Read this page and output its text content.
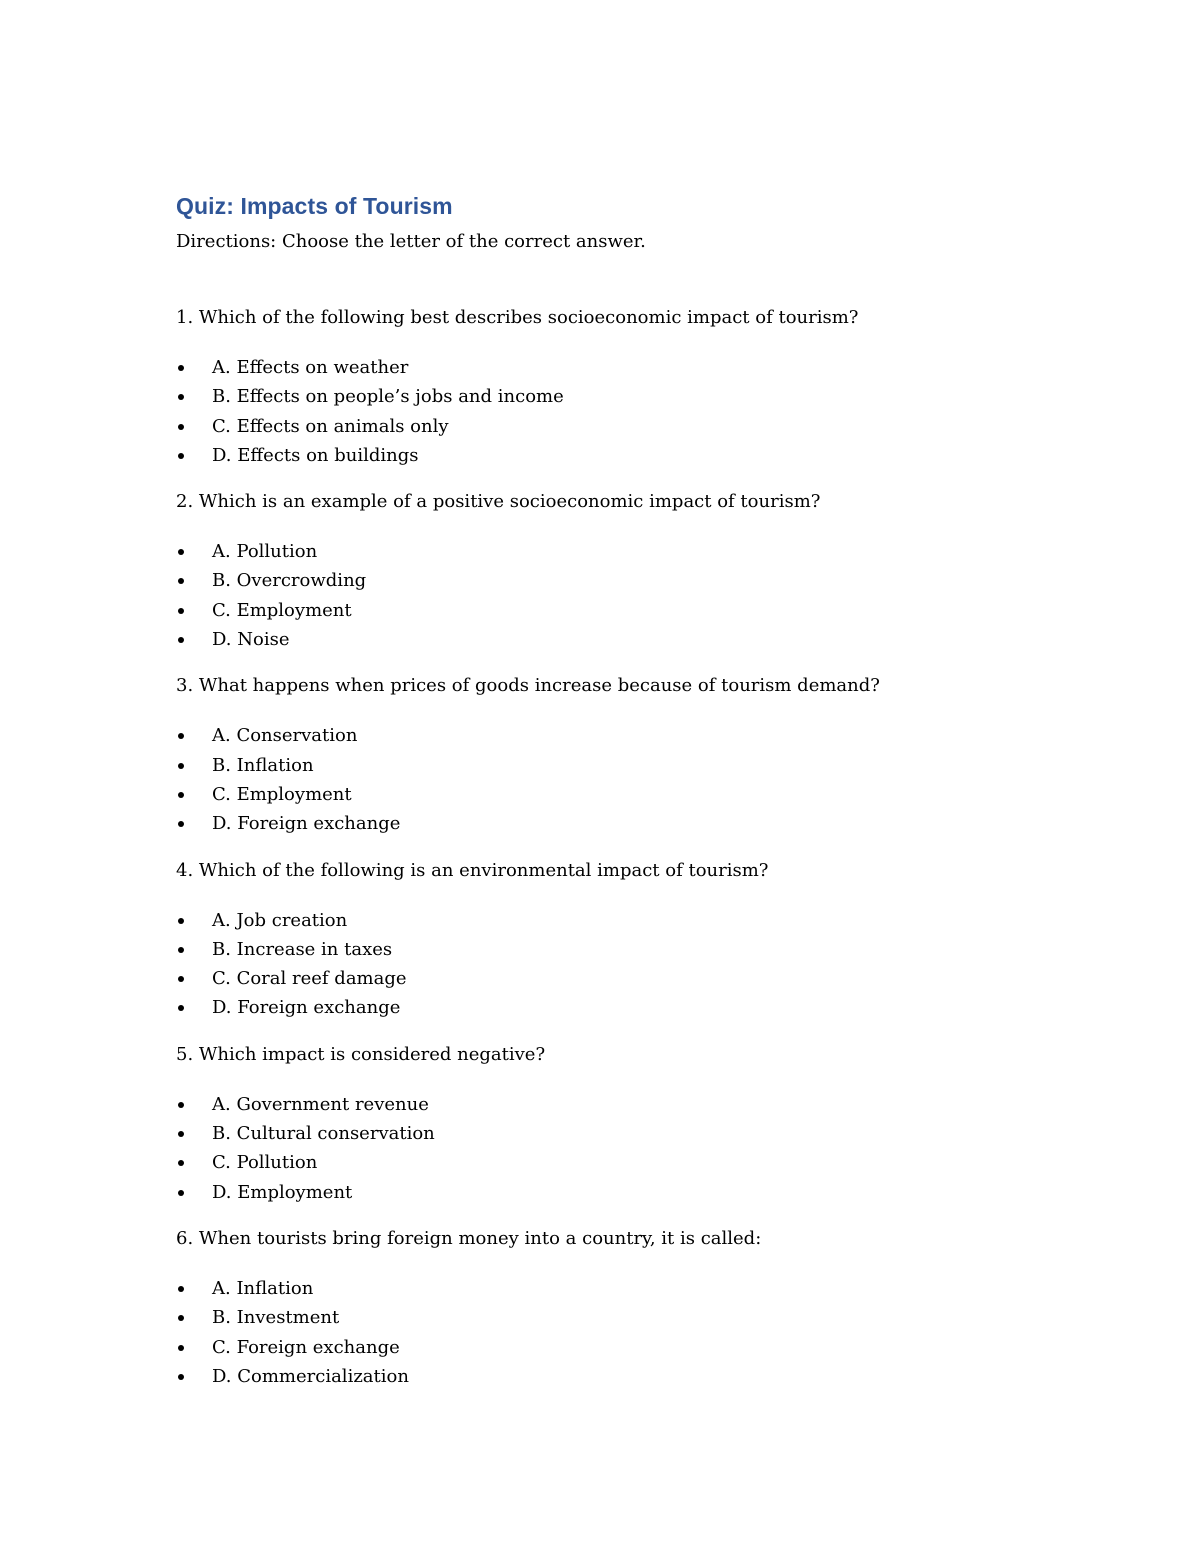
Quiz: Impacts of Tourism

Directions: Choose the letter of the correct answer.

1. Which of the following best describes socioeconomic impact of tourism?

A. Effects on weather
B. Effects on people’s jobs and income
C. Effects on animals only
D. Effects on buildings

2. Which is an example of a positive socioeconomic impact of tourism?

A. Pollution
B. Overcrowding
C. Employment
D. Noise

3. What happens when prices of goods increase because of tourism demand?

A. Conservation
B. Inflation
C. Employment
D. Foreign exchange

4. Which of the following is an environmental impact of tourism?

A. Job creation
B. Increase in taxes
C. Coral reef damage
D. Foreign exchange

5. Which impact is considered negative?

A. Government revenue
B. Cultural conservation
C. Pollution
D. Employment

6. When tourists bring foreign money into a country, it is called:

A. Inflation
B. Investment
C. Foreign exchange
D. Commercialization
